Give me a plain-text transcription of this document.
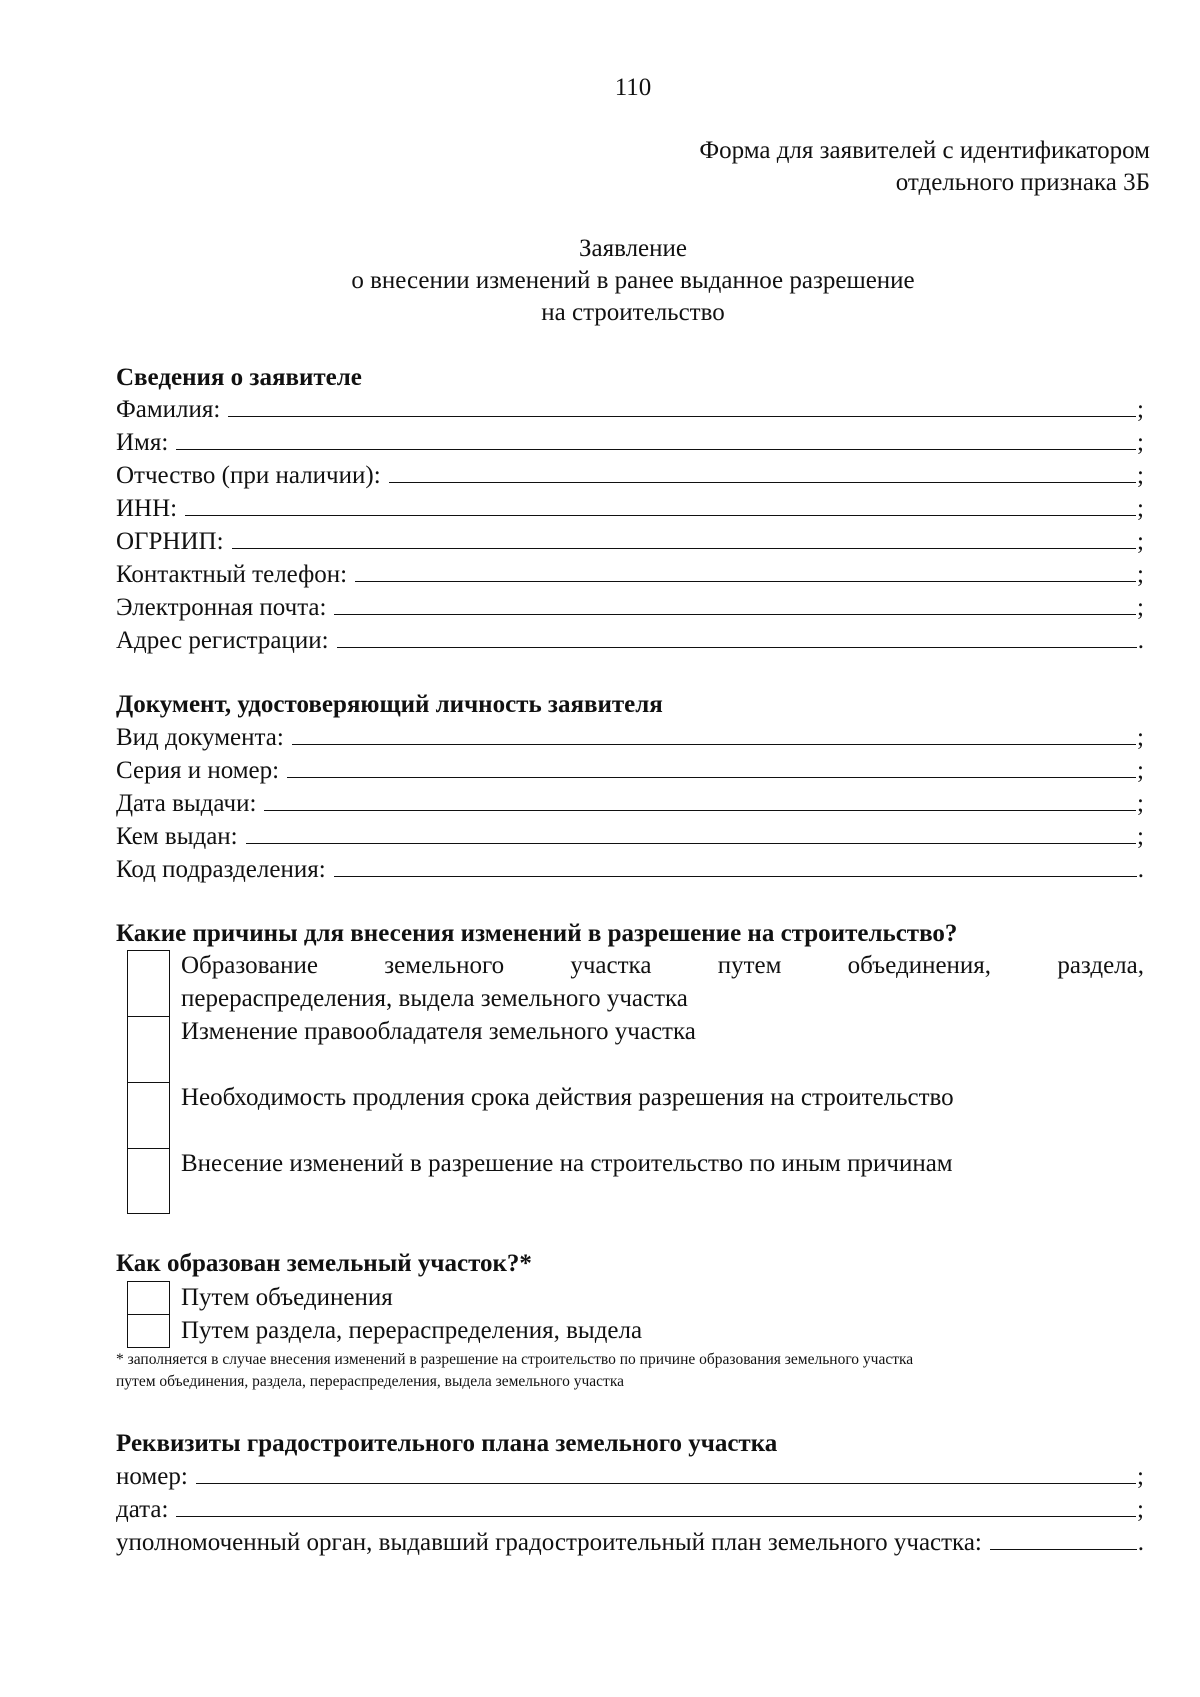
110
Форма для заявителей с идентификатором
отдельного признака 3Б
Заявление
о внесении изменений в ранее выданное разрешение
на строительство
Сведения о заявителе
Фамилия:	;
Имя:	;
Отчество (при наличии):	;
ИНН:	;
ОГРНИП:	;
Контактный телефон:	;
Электронная почта:	;
Адрес регистрации:	.
Документ, удостоверяющий личность заявителя
Вид документа:	;
Серия и номер:	;
Дата выдачи:	;
Кем выдан:	;
Код подразделения:	.
Какие причины для внесения изменений в разрешение на строительство?
Образование земельного участка путем объединения, раздела,
перераспределения, выдела земельного участка
Изменение правообладателя земельного участка
Необходимость продления срока действия разрешения на строительство
Внесение изменений в разрешение на строительство по иным причинам
Как образован земельный участок?*
Путем объединения
Путем раздела, перераспределения, выдела
* заполняется в случае внесения изменений в разрешение на строительство по причине образования земельного участка
путем объединения, раздела, перераспределения, выдела земельного участка
Реквизиты градостроительного плана земельного участка
номер:	;
дата:	;
уполномоченный орган, выдавший градостроительный план земельного участка:	.
